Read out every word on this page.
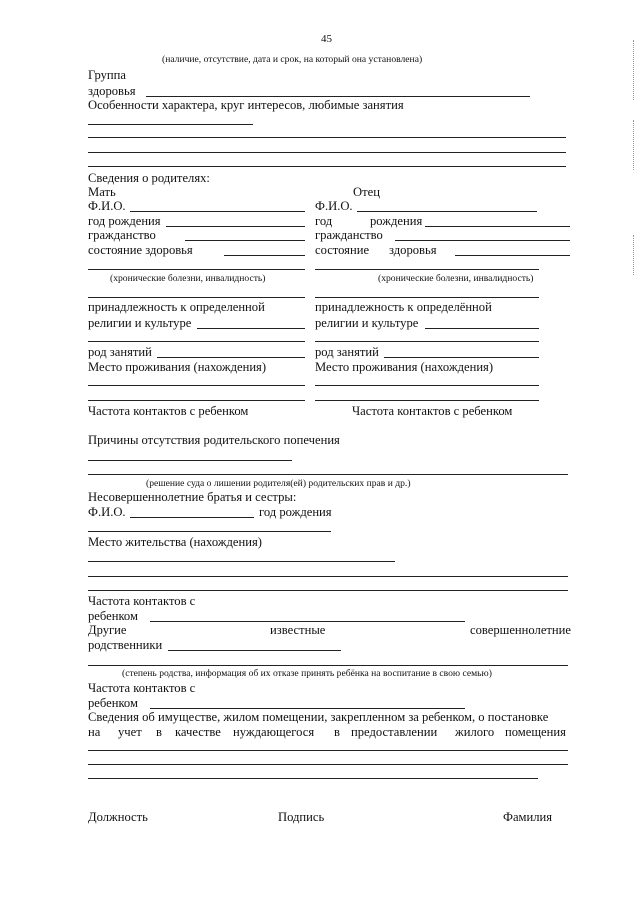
45
(наличие, отсутствие, дата и срок, на который она установлена)
Группа
здоровья
Особенности характера, круг интересов, любимые занятия
Сведения о родителях:
Мать	Отец
Ф.И.О.	Ф.И.О.
год рождения	год	рождения
гражданство	гражданство
состояние здоровья	состояние здоровья
(хронические болезни, инвалидность)	(хронические болезни, инвалидность)
принадлежность к определенной	принадлежность к определённой
религии и культуре	религии и культуре
род занятий	род занятий
Место проживания (нахождения)	Место проживания (нахождения)
Частота контактов с ребенком	Частота контактов с ребенком
Причины отсутствия родительского попечения
(решение суда о лишении родителя(ей) родительских прав и др.)
Несовершеннолетние братья и сестры:
Ф.И.О.	год рождения
Место жительства (нахождения)
Частота контактов с
ребенком
Другие	известные	совершеннолетние
родственники
(степень родства, информация об их отказе принять ребёнка на воспитание в свою семью)
Частота контактов с
ребенком
Сведения об имуществе, жилом помещении, закрепленном за ребенком, о постановке
на учет в качестве нуждающегося в предоставлении жилого помещения
Должность	Подпись	Фамилия
